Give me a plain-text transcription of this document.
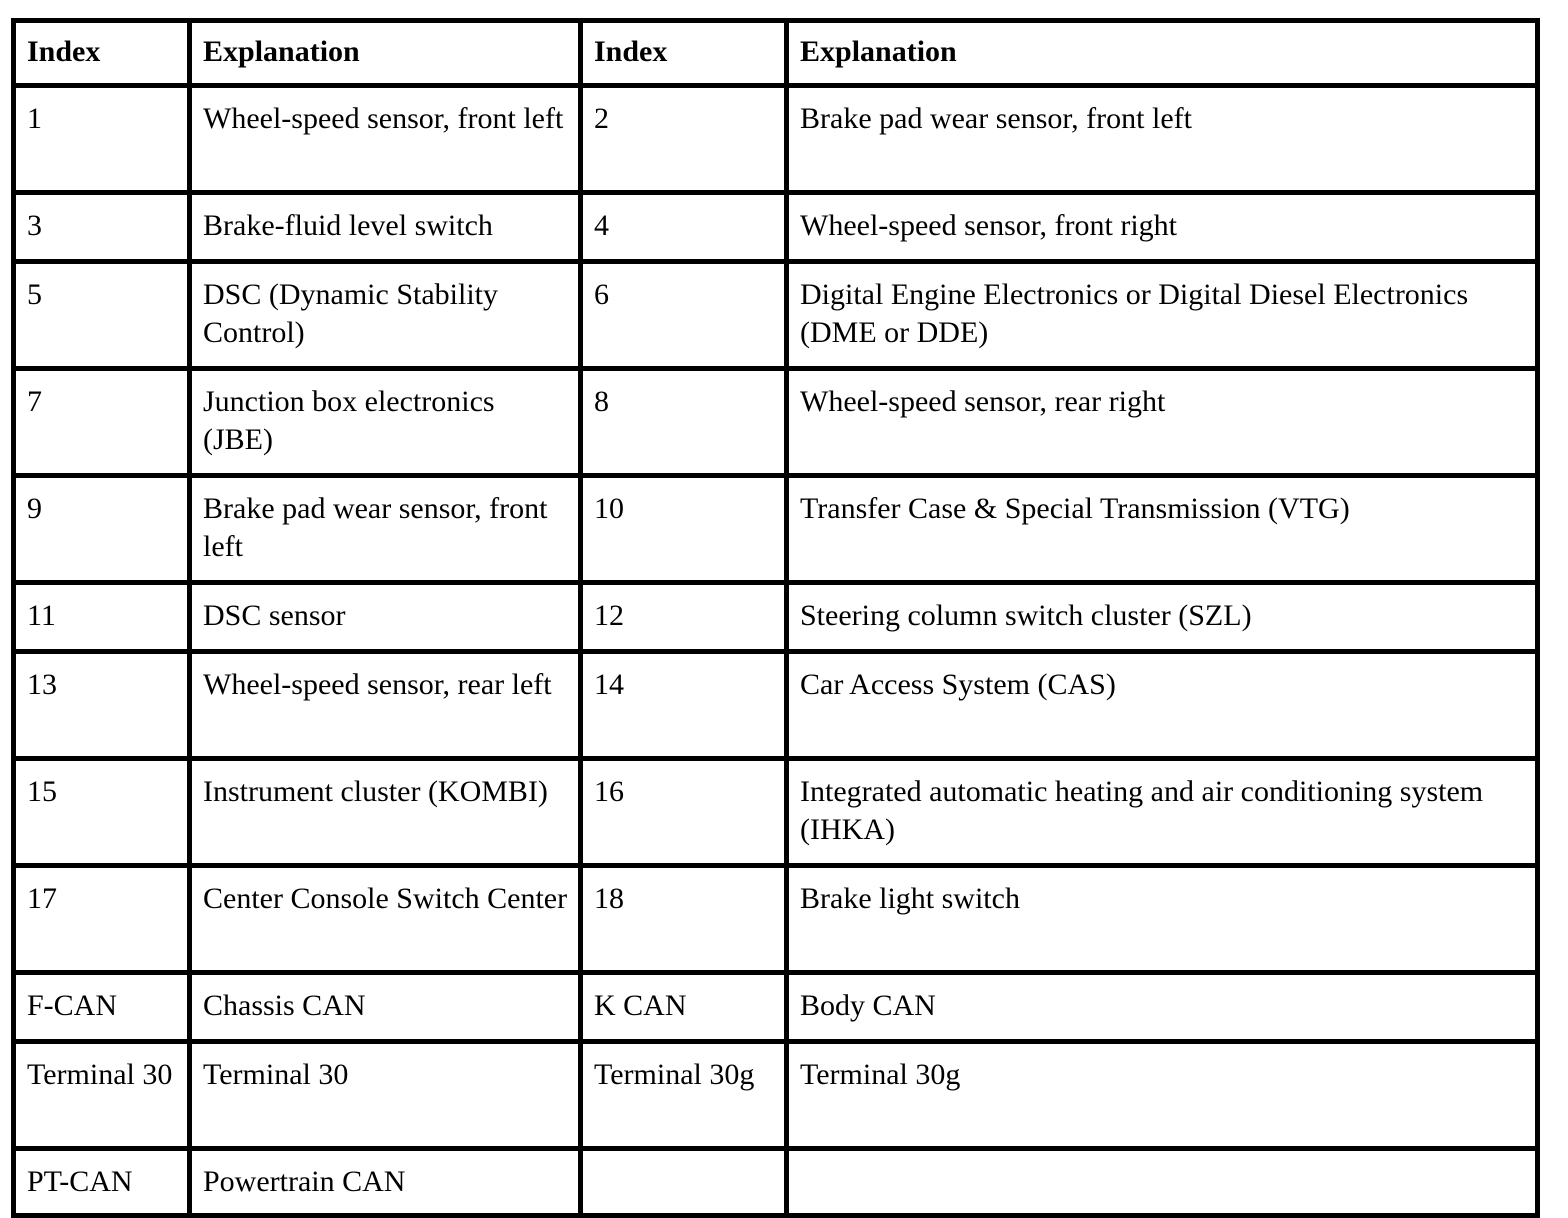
Index	Explanation	Index	Explanation
1	Wheel-speed sensor, front left	2	Brake pad wear sensor, front left
3	Brake-fluid level switch	4	Wheel-speed sensor, front right
5	DSC (Dynamic Stability Control)	6	Digital Engine Electronics or Digital Diesel Electronics (DME or DDE)
7	Junction box electronics (JBE)	8	Wheel-speed sensor, rear right
9	Brake pad wear sensor, front left	10	Transfer Case & Special Transmission (VTG)
11	DSC sensor	12	Steering column switch cluster (SZL)
13	Wheel-speed sensor, rear left	14	Car Access System (CAS)
15	Instrument cluster (KOMBI)	16	Integrated automatic heating and air conditioning system (IHKA)
17	Center Console Switch Center	18	Brake light switch
F-CAN	Chassis CAN	K CAN	Body CAN
Terminal 30	Terminal 30	Terminal 30g	Terminal 30g
PT-CAN	Powertrain CAN		
